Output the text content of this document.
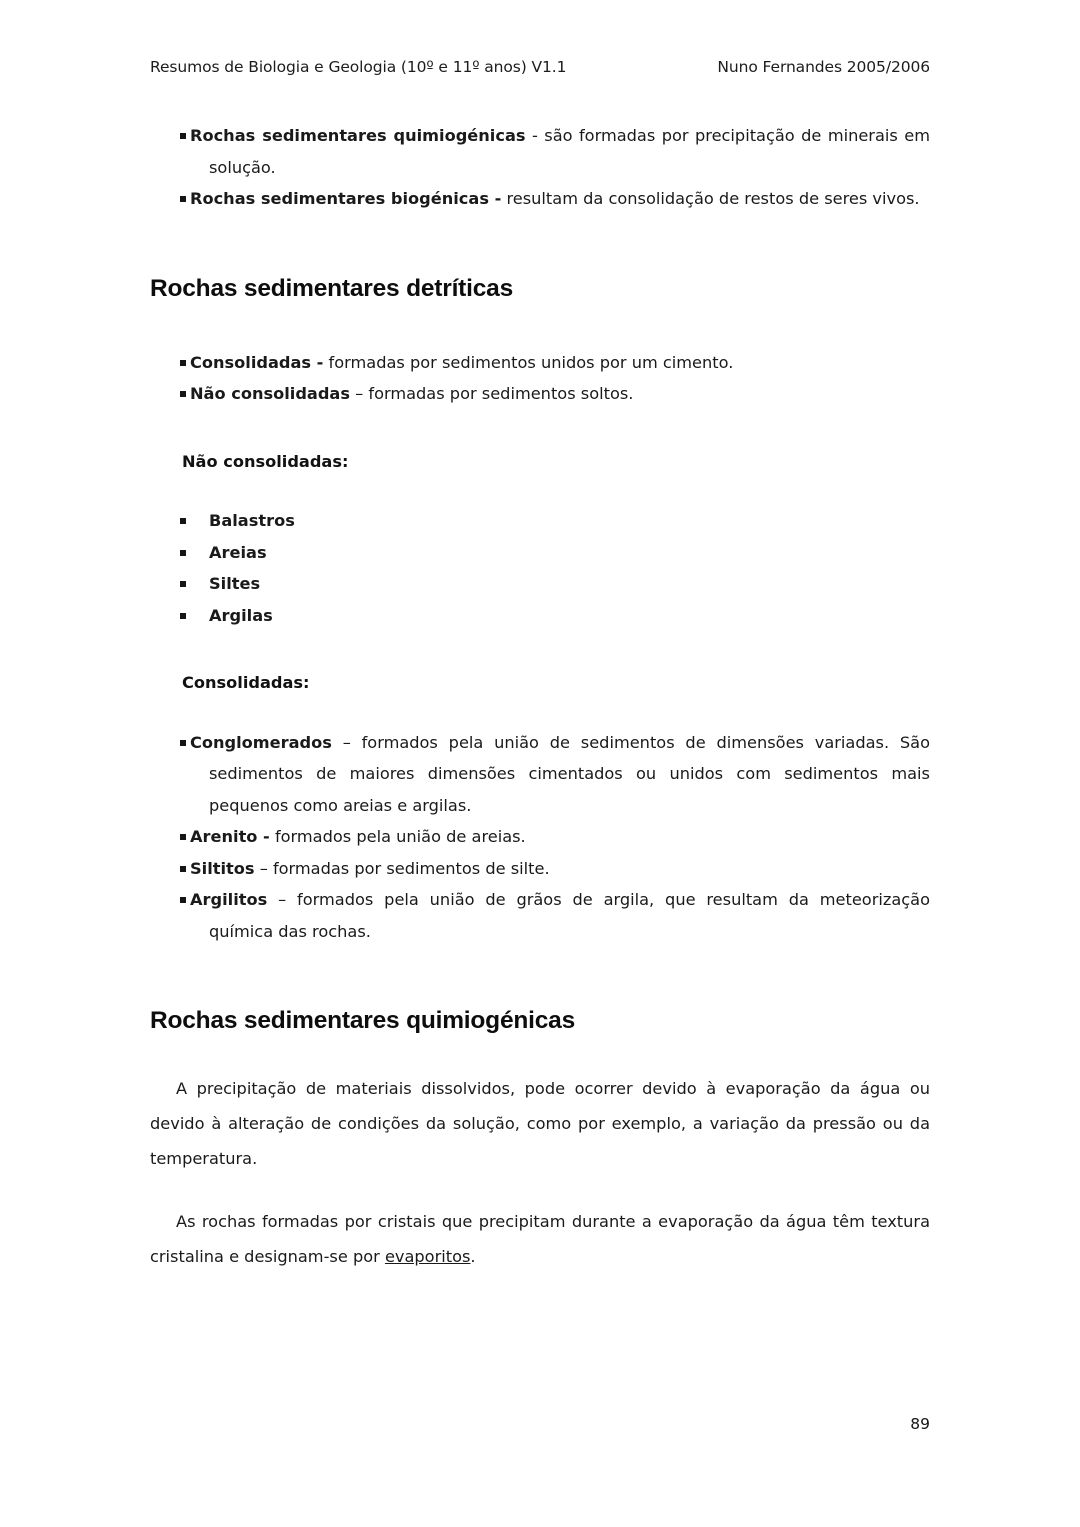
Resumos de Biologia e Geologia (10º e 11º anos) V1.1	Nuno Fernandes 2005/2006
Rochas sedimentares quimiogénicas - são formadas por precipitação de minerais em solução.
Rochas sedimentares biogénicas - resultam da consolidação de restos de seres vivos.
Rochas sedimentares detríticas
Consolidadas - formadas por sedimentos unidos por um cimento.
Não consolidadas – formadas por sedimentos soltos.

Não consolidadas:

Balastros
Areias
Siltes
Argilas

Consolidadas:

Conglomerados – formados pela união de sedimentos de dimensões variadas. São sedimentos de maiores dimensões cimentados ou unidos com sedimentos mais pequenos como areias e argilas.
Arenito - formados pela união de areias.
Siltitos – formadas por sedimentos de silte.
Argilitos – formados pela união de grãos de argila, que resultam da meteorização química das rochas.
Rochas sedimentares quimiogénicas

A precipitação de materiais dissolvidos, pode ocorrer devido à evaporação da água ou devido à alteração de condições da solução, como por exemplo, a variação da pressão ou da temperatura.

As rochas formadas por cristais que precipitam durante a evaporação da água têm textura cristalina e designam-se por evaporitos.

89
